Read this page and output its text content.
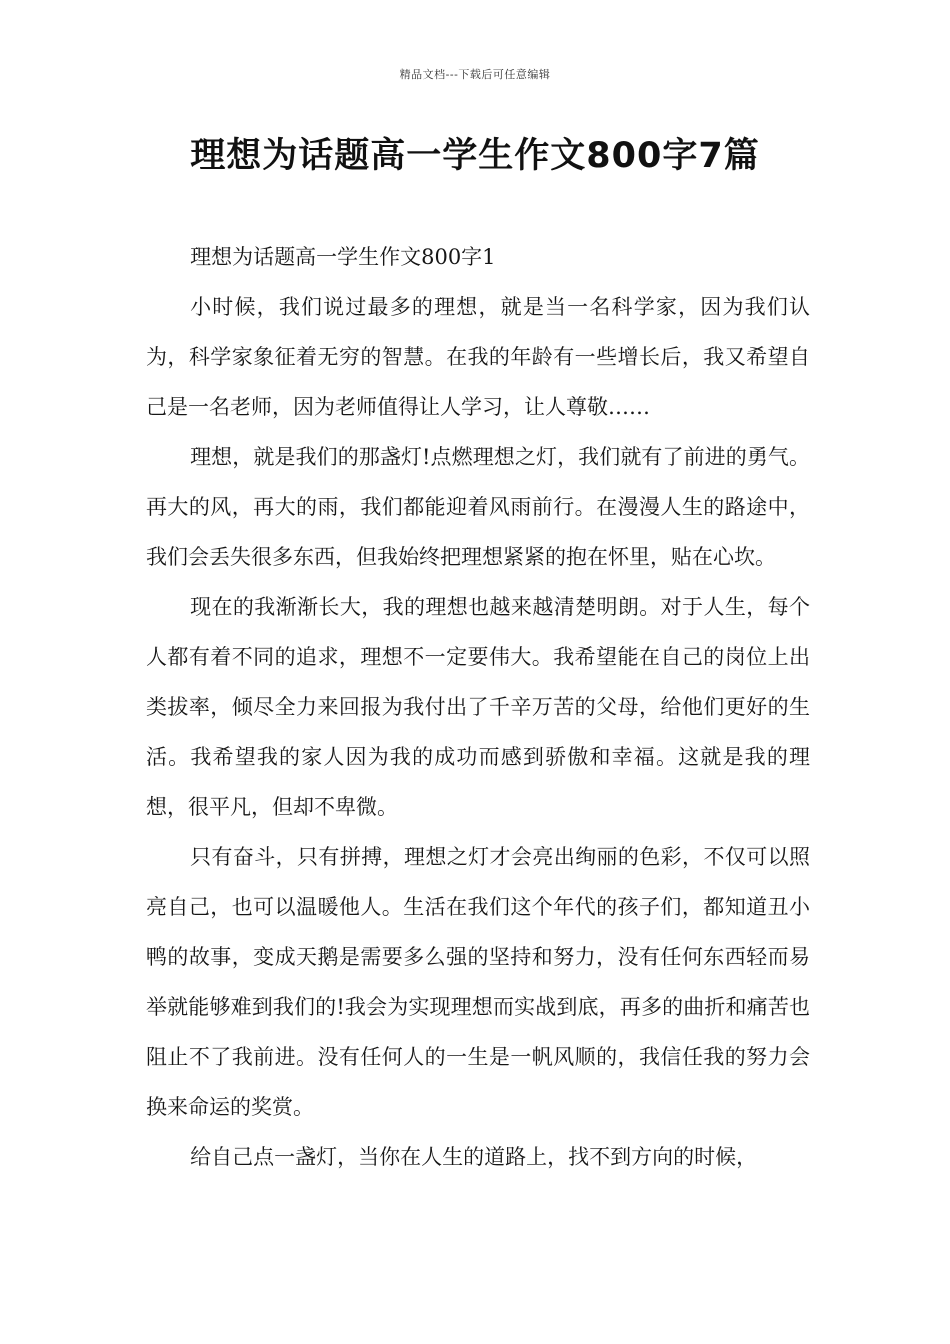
精品文档---下载后可任意编辑
理想为话题高一学生作文800字7篇

理想为话题高一学生作文800字1

小时候，我们说过最多的理想，就是当一名科学家，因为我们认为，科学家象征着无穷的智慧。在我的年龄有一些增长后，我又希望自己是一名老师，因为老师值得让人学习，让人尊敬……

理想，就是我们的那盏灯!点燃理想之灯，我们就有了前进的勇气。再大的风，再大的雨，我们都能迎着风雨前行。在漫漫人生的路途中，我们会丢失很多东西，但我始终把理想紧紧的抱在怀里，贴在心坎。

现在的我渐渐长大，我的理想也越来越清楚明朗。对于人生，每个人都有着不同的追求，理想不一定要伟大。我希望能在自己的岗位上出类拔率，倾尽全力来回报为我付出了千辛万苦的父母，给他们更好的生活。我希望我的家人因为我的成功而感到骄傲和幸福。这就是我的理想，很平凡，但却不卑微。

只有奋斗，只有拼搏，理想之灯才会亮出绚丽的色彩，不仅可以照亮自己，也可以温暖他人。生活在我们这个年代的孩子们，都知道丑小鸭的故事，变成天鹅是需要多么强的坚持和努力，没有任何东西轻而易举就能够难到我们的!我会为实现理想而实战到底，再多的曲折和痛苦也阻止不了我前进。没有任何人的一生是一帆风顺的，我信任我的努力会换来命运的奖赏。

给自己点一盏灯，当你在人生的道路上，找不到方向的时候，
